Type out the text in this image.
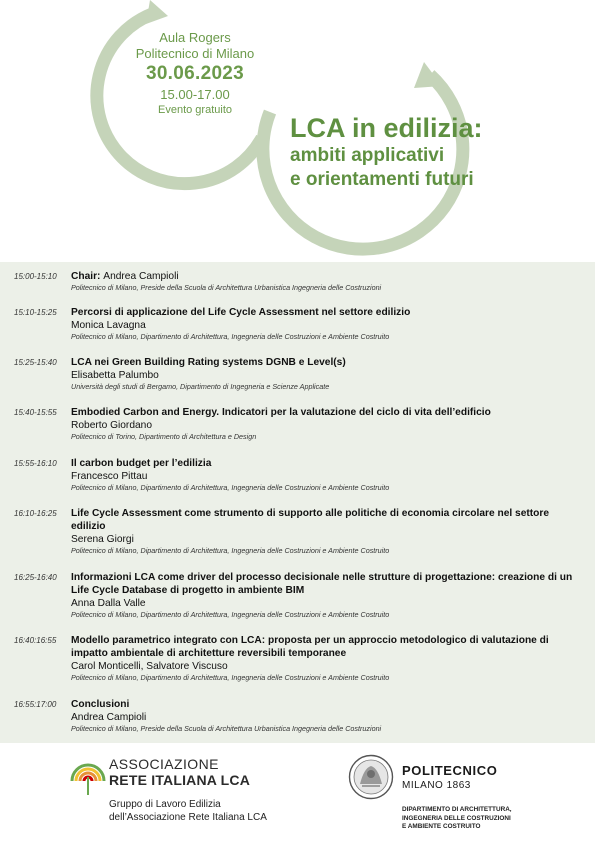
Aula Rogers
Politecnico di Milano
30.06.2023
15.00-17.00
Evento gratuito
LCA in edilizia:
ambiti applicativi
e orientamenti futuri
15:00-15:10 Chair: Andrea Campioli
Politecnico di Milano, Preside della Scuola di Architettura Urbanistica Ingegneria delle Costruzioni
15:10-15:25 Percorsi di applicazione del Life Cycle Assessment nel settore edilizio
Monica Lavagna
Politecnico di Milano, Dipartimento di Architettura, Ingegneria delle Costruzioni e Ambiente Costruito
15:25-15:40 LCA nei Green Building Rating systems DGNB e Level(s)
Elisabetta Palumbo
Università degli studi di Bergamo, Dipartimento di Ingegneria e Scienze Applicate
15:40-15:55 Embodied Carbon and Energy. Indicatori per la valutazione del ciclo di vita dell’edificio
Roberto Giordano
Politecnico di Torino, Dipartimento di Architettura e Design
15:55-16:10 Il carbon budget per l’edilizia
Francesco Pittau
Politecnico di Milano, Dipartimento di Architettura, Ingegneria delle Costruzioni e Ambiente Costruito
16:10-16:25 Life Cycle Assessment come strumento di supporto alle politiche di economia circolare nel settore edilizio
Serena Giorgi
Politecnico di Milano, Dipartimento di Architettura, Ingegneria delle Costruzioni e Ambiente Costruito
16:25-16:40 Informazioni LCA come driver del processo decisionale nelle strutture di progettazione: creazione di un Life Cycle Database di progetto in ambiente BIM
Anna Dalla Valle
Politecnico di Milano, Dipartimento di Architettura, Ingegneria delle Costruzioni e Ambiente Costruito
16:40:16:55 Modello parametrico integrato con LCA: proposta per un approccio metodologico di valutazione di impatto ambientale di architetture reversibili temporanee
Carol Monticelli, Salvatore Viscuso
Politecnico di Milano, Dipartimento di Architettura, Ingegneria delle Costruzioni e Ambiente Costruito
16:55:17:00 Conclusioni
Andrea Campioli
Politecnico di Milano, Preside della Scuola di Architettura Urbanistica Ingegneria delle Costruzioni
ASSOCIAZIONE
RETE ITALIANA LCA
Gruppo di Lavoro Edilizia
dell’Associazione Rete Italiana LCA
POLITECNICO
MILANO 1863
DIPARTIMENTO DI ARCHITETTURA,
INGEGNERIA DELLE COSTRUZIONI
E AMBIENTE COSTRUITO
